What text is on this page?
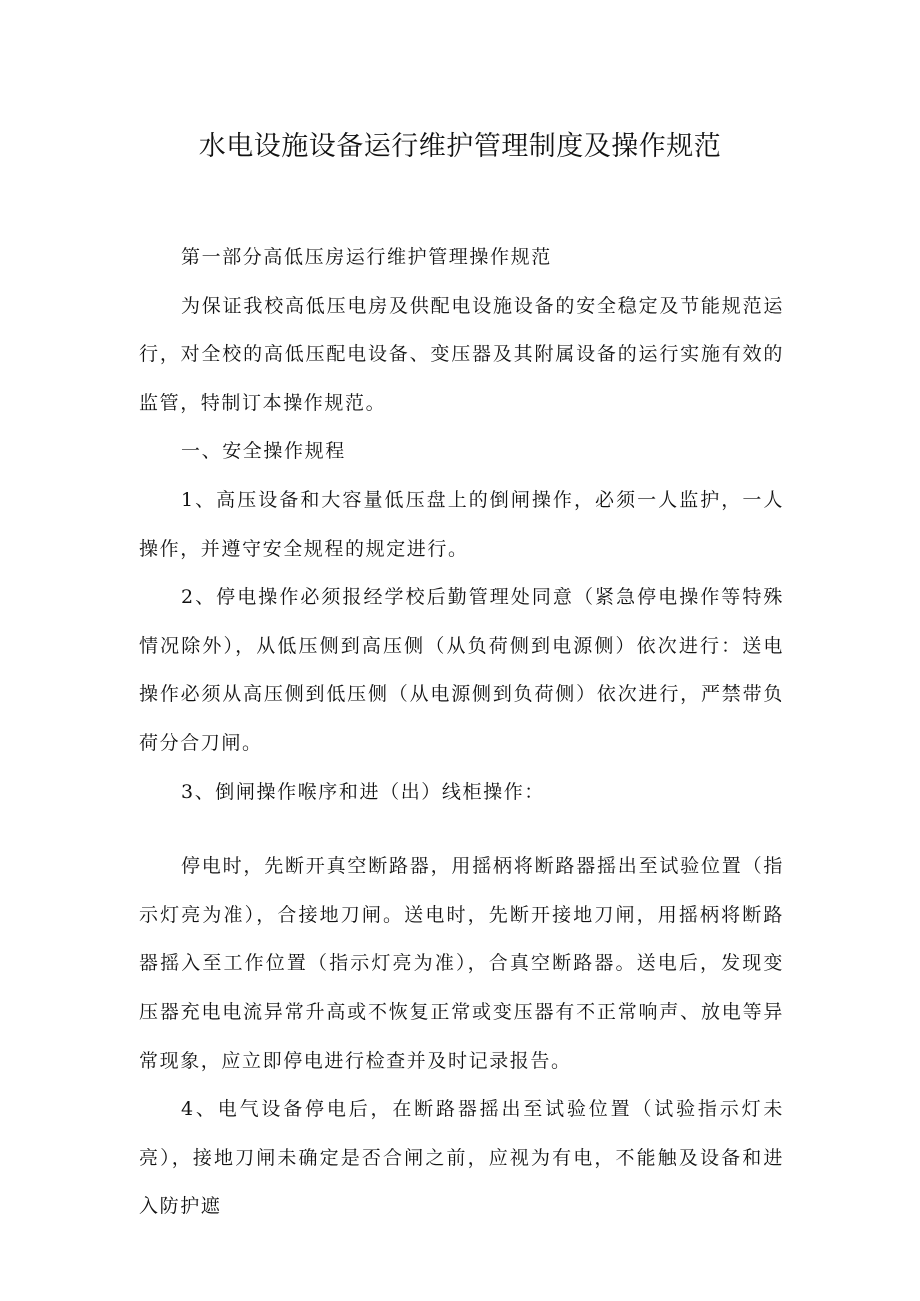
水电设施设备运行维护管理制度及操作规范

第一部分高低压房运行维护管理操作规范

为保证我校高低压电房及供配电设施设备的安全稳定及节能规范运行，对全校的高低压配电设备、变压器及其附属设备的运行实施有效的监管，特制订本操作规范。

一、安全操作规程

1、高压设备和大容量低压盘上的倒闸操作，必须一人监护，一人操作，并遵守安全规程的规定进行。

2、停电操作必须报经学校后勤管理处同意（紧急停电操作等特殊情况除外），从低压侧到高压侧（从负荷侧到电源侧）依次进行：送电操作必须从高压侧到低压侧（从电源侧到负荷侧）依次进行，严禁带负荷分合刀闸。

3、倒闸操作喉序和进（出）线柜操作：

停电时，先断开真空断路器，用摇柄将断路器摇出至试验位置（指示灯亮为准），合接地刀闸。送电时，先断开接地刀闸，用摇柄将断路器摇入至工作位置（指示灯亮为准），合真空断路器。送电后，发现变压器充电电流异常升高或不恢复正常或变压器有不正常响声、放电等异常现象，应立即停电进行检查并及时记录报告。

4、电气设备停电后，在断路器摇出至试验位置（试验指示灯未亮），接地刀闸未确定是否合闸之前，应视为有电，不能触及设备和进入防护遮
